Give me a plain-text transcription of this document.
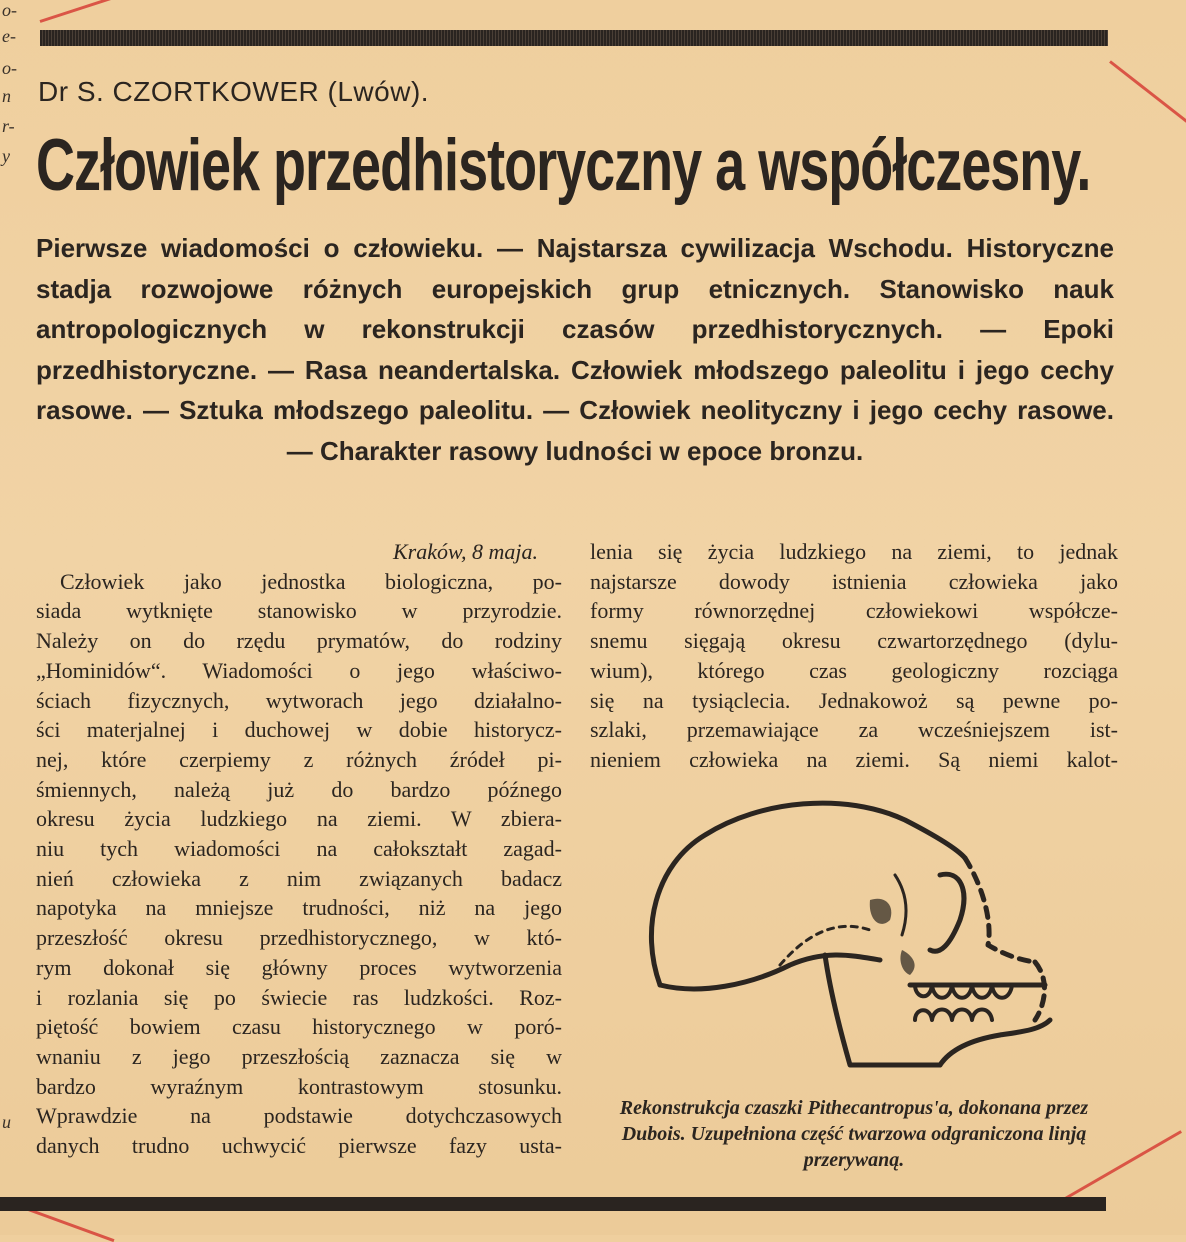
o-
e-
o-
n
r-
y
u
Dr S. CZORTKOWER (Lwów).
Człowiek przedhistoryczny a współczesny.
Pierwsze wiadomości o człowieku. — Najstarsza cywilizacja Wschodu. Historyczne stadja rozwojowe różnych europejskich grup etnicznych. Stanowisko nauk antropologicznych w rekonstrukcji czasów przedhistorycznych. — Epoki przedhistoryczne. — Rasa neandertalska. Człowiek młodszego paleolitu i jego cechy rasowe. — Sztuka młodszego paleolitu. — Człowiek neolityczny i jego cechy rasowe. — Charakter rasowy ludności w epoce bronzu.
Kraków, 8 maja.
Człowiek jako jednostka biologiczna, po-
siada wytknięte stanowisko w przyrodzie.
Należy on do rzędu prymatów, do rodziny
„Hominidów“. Wiadomości o jego właściwo-
ściach fizycznych, wytworach jego działalno-
ści materjalnej i duchowej w dobie historycz-
nej, które czerpiemy z różnych źródeł pi-
śmiennych, należą już do bardzo późnego
okresu życia ludzkiego na ziemi. W zbiera-
niu tych wiadomości na całokształt zagad-
nień człowieka z nim związanych badacz
napotyka na mniejsze trudności, niż na jego
przeszłość okresu przedhistorycznego, w któ-
rym dokonał się główny proces wytworzenia
i rozlania się po świecie ras ludzkości. Roz-
piętość bowiem czasu historycznego w poró-
wnaniu z jego przeszłością zaznacza się w
bardzo wyraźnym kontrastowym stosunku.
Wprawdzie na podstawie dotychczasowych
danych trudno uchwycić pierwsze fazy usta-
lenia się życia ludzkiego na ziemi, to jednak
najstarsze dowody istnienia człowieka jako
formy równorzędnej człowiekowi współcze-
snemu sięgają okresu czwartorzędnego (dylu-
wium), którego czas geologiczny rozciąga
się na tysiąclecia. Jednakowoż są pewne po-
szlaki, przemawiające za wcześniejszem ist-
nieniem człowieka na ziemi. Są niemi kalot-
Rekonstrukcja czaszki Pithecantropus'a, dokonana przez Dubois. Uzupełniona część twarzowa odgraniczona linją przerywaną.
